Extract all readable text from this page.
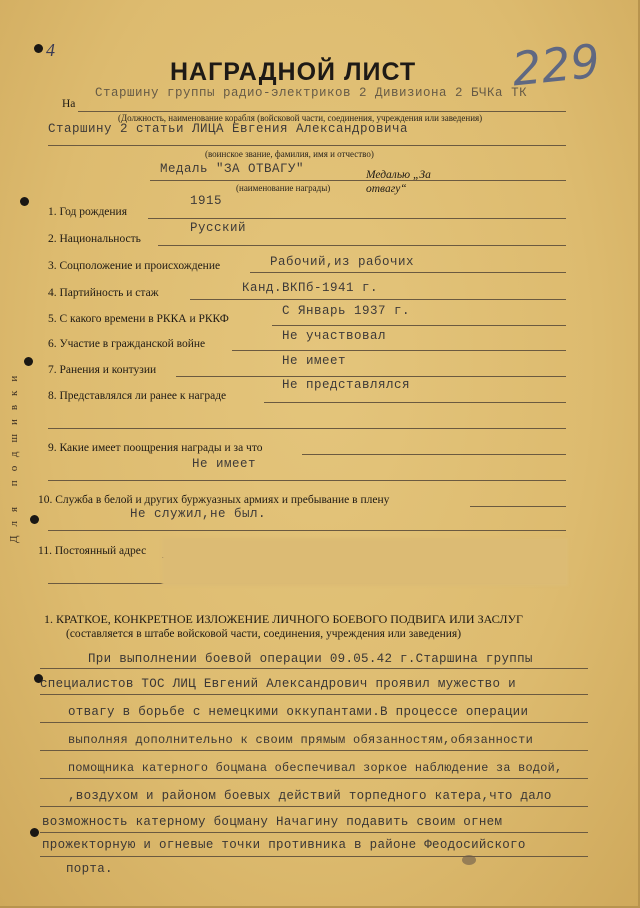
4
НАГРАДНОЙ ЛИСТ 229
Для подшивки
На
Старшину группы радио-электриков 2 Дивизиона 2 БЧКа ТК
(Должность, наименование корабля (войсковой части, соединения, учреждения или заведения)
Старшину 2 статьи ЛИЦА Евгения Александровича
(воинское звание, фамилия, имя и отчество)
Медаль "ЗА ОТВАГУ"	Медалью „За отвагу“
(наименование награды)
1. Год рождения
1915
2. Национальность
Русский
3. Соцположение и происхождение	Рабочий,из рабочих
4. Партийность и стаж	Канд.ВКПб-1941 г.
5. С какого времени в РККА и РККФ
С Январь 1937 г.
6. Участие в гражданской войне
Не участвовал
7. Ранения и контузии
Не имеет
8. Представлялся ли ранее к награде
Не представлялся
9. Какие имеет поощрения награды и за что
Не имеет
10. Служба в белой и других буржуазных армиях и пребывание в плену
Не служил,не был.
11. Постоянный адрес
1. КРАТКОЕ, КОНКРЕТНОЕ ИЗЛОЖЕНИЕ ЛИЧНОГО БОЕВОГО ПОДВИГА ИЛИ ЗАСЛУГ
(составляется в штабе войсковой части, соединения, учреждения или заведения)
При выполнении боевой операции 09.05.42 г.Старшина группы
специалистов ТОС ЛИЦ Евгений Александрович проявил мужество и
отвагу в борьбе с немецкими оккупантами.В процессе операции
выполняя дополнительно к своим прямым обязанностям,обязанности
помощника катерного боцмана обеспечивал зоркое наблюдение за водой,
,воздухом и районом боевых действий торпедного катера,что дало
возможность катерному боцману Начагину подавить своим огнем
прожекторную и огневые точки противника в районе Феодосийского
порта.
